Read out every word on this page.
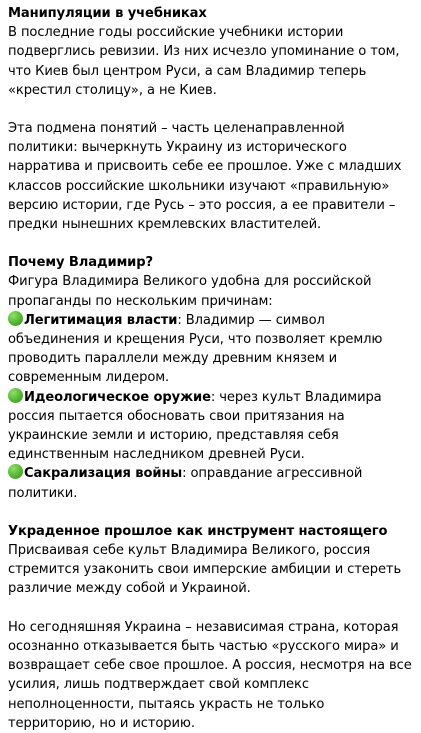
Манипуляции в учебниках
В последние годы российские учебники истории подверглись ревизии. Из них исчезло упоминание о том, что Киев был центром Руси, а сам Владимир теперь «крестил столицу», а не Киев.
Эта подмена понятий – часть целенаправленной политики: вычеркнуть Украину из исторического нарратива и присвоить себе ее прошлое. Уже с младших классов российские школьники изучают «правильную» версию истории, где Русь – это россия, а ее правители – предки нынешних кремлевских властителей.
Почему Владимир?
Фигура Владимира Великого удобна для российской пропаганды по нескольким причинам:
Легитимация власти: Владимир — символ объединения и крещения Руси, что позволяет кремлю проводить параллели между древним князем и современным лидером.
Идеологическое оружие: через культ Владимира россия пытается обосновать свои притязания на украинские земли и историю, представляя себя единственным наследником древней Руси.
Сакрализация войны: оправдание агрессивной политики.
Украденное прошлое как инструмент настоящего
Присваивая себе культ Владимира Великого, россия стремится узаконить свои имперские амбиции и стереть различие между собой и Украиной.
Но сегодняшняя Украина – независимая страна, которая осознанно отказывается быть частью «русского мира» и возвращает себе свое прошлое. А россия, несмотря на все усилия, лишь подтверждает свой комплекс неполноценности, пытаясь украсть не только территорию, но и историю.
